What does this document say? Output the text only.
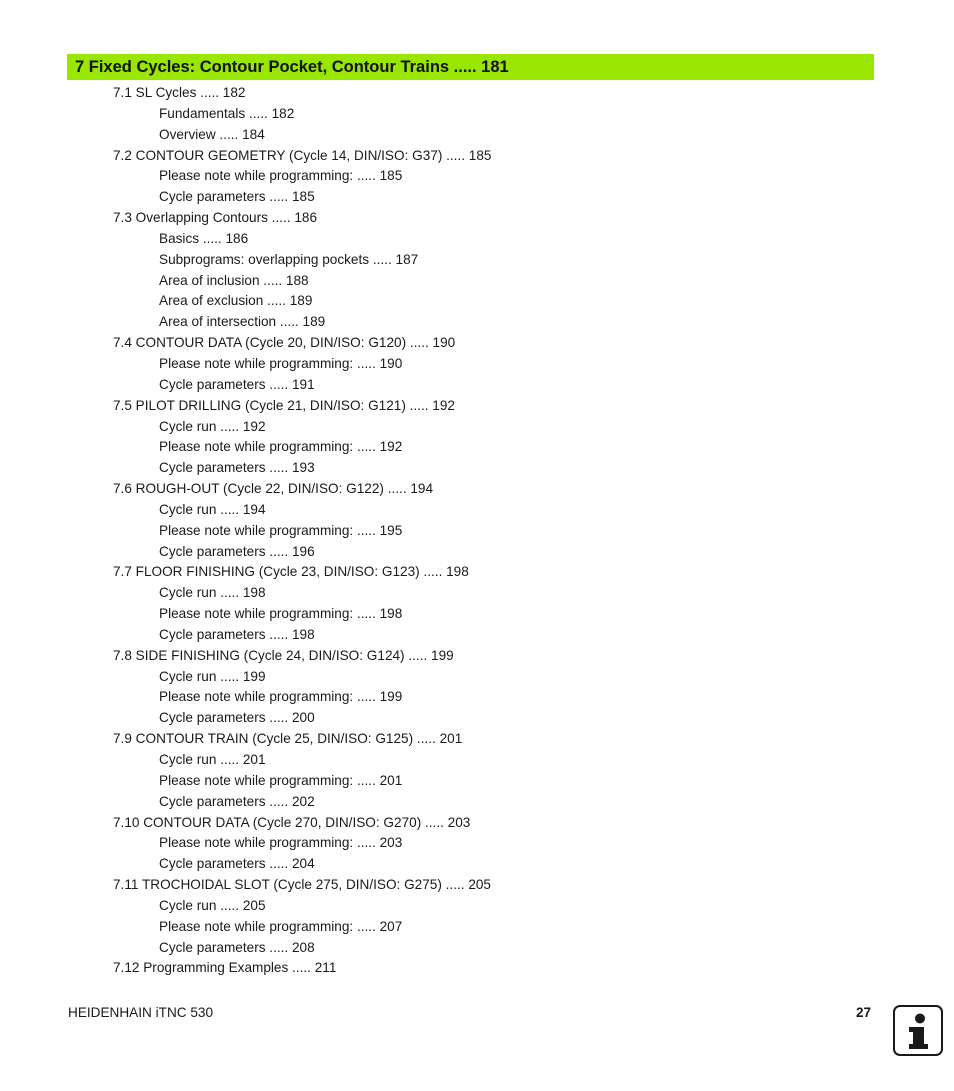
7 Fixed Cycles: Contour Pocket, Contour Trains ..... 181
7.1 SL Cycles ..... 182
Fundamentals ..... 182
Overview ..... 184
7.2 CONTOUR GEOMETRY (Cycle 14, DIN/ISO: G37) ..... 185
Please note while programming: ..... 185
Cycle parameters ..... 185
7.3 Overlapping Contours ..... 186
Basics ..... 186
Subprograms: overlapping pockets ..... 187
Area of inclusion ..... 188
Area of exclusion ..... 189
Area of intersection ..... 189
7.4 CONTOUR DATA (Cycle 20, DIN/ISO: G120) ..... 190
Please note while programming: ..... 190
Cycle parameters ..... 191
7.5 PILOT DRILLING (Cycle 21, DIN/ISO: G121) ..... 192
Cycle run ..... 192
Please note while programming: ..... 192
Cycle parameters ..... 193
7.6 ROUGH-OUT (Cycle 22, DIN/ISO: G122) ..... 194
Cycle run ..... 194
Please note while programming: ..... 195
Cycle parameters ..... 196
7.7 FLOOR FINISHING (Cycle 23, DIN/ISO: G123) ..... 198
Cycle run ..... 198
Please note while programming: ..... 198
Cycle parameters ..... 198
7.8 SIDE FINISHING (Cycle 24, DIN/ISO: G124) ..... 199
Cycle run ..... 199
Please note while programming: ..... 199
Cycle parameters ..... 200
7.9 CONTOUR TRAIN (Cycle 25, DIN/ISO: G125) ..... 201
Cycle run ..... 201
Please note while programming: ..... 201
Cycle parameters ..... 202
7.10 CONTOUR DATA (Cycle 270, DIN/ISO: G270) ..... 203
Please note while programming: ..... 203
Cycle parameters ..... 204
7.11 TROCHOIDAL SLOT (Cycle 275, DIN/ISO: G275) ..... 205
Cycle run ..... 205
Please note while programming: ..... 207
Cycle parameters ..... 208
7.12 Programming Examples ..... 211
HEIDENHAIN iTNC 530	27
